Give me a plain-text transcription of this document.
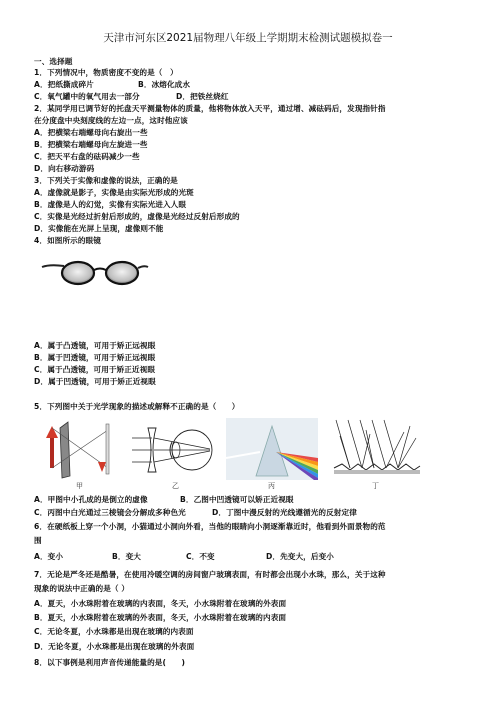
天津市河东区2021届物理八年级上学期期末检测试题模拟卷一
一、选择题
1．下列情况中，物质密度不变的是（　）
A．把纸撕成碎片	B．冰熔化成水
C．氧气罐中的氧气用去一部分	D．把铁丝烧红
2．某同学用已调节好的托盘天平测量物体的质量，他将物体放入天平，通过增、减砝码后，发现指针指
在分度盘中央刻度线的左边一点，这时他应该
A．把横梁右端螺母向右旋出一些
B．把横梁右端螺母向左旋进一些
C．把天平右盘的砝码减少一些
D．向右移动游码
3．下列关于实像和虚像的说法，正确的是
A．虚像就是影子，实像是由实际光形成的光斑
B．虚像是人的幻觉，实像有实际光进入人眼
C．实像是光经过折射后形成的，虚像是光经过反射后形成的
D．实像能在光屏上呈现，虚像则不能
4．如图所示的眼镜
A．属于凸透镜，可用于矫正远视眼
B．属于凹透镜，可用于矫正远视眼
C．属于凸透镜，可用于矫正近视眼
D．属于凹透镜，可用于矫正近视眼
5．下列图中关于光学现象的描述或解释不正确的是（　　）
甲	乙	丙	丁
A．甲图中小孔成的是倒立的虚像	B．乙图中凹透镜可以矫正近视眼
C．丙图中白光通过三棱镜会分解成多种色光	D．丁图中漫反射的光线遵循光的反射定律
6．在硬纸板上穿一个小洞，小猫通过小洞向外看，当他的眼睛向小洞逐渐靠近时，他看到外面景物的范
围
A．变小	B．变大	C．不变	D．先变大，后变小
7．无论是严冬还是酷暑，在使用冷暖空调的房间窗户玻璃表面，有时都会出现小水珠，那么，关于这种
现象的说法中正确的是（ ）
A．夏天，小水珠附着在玻璃的内表面，冬天，小水珠附着在玻璃的外表面
B．夏天，小水珠附着在玻璃的外表面，冬天，小水珠附着在玻璃的内表面
C．无论冬夏，小水珠都是出现在玻璃的内表面
D．无论冬夏，小水珠都是出现在玻璃的外表面
8．以下事例是利用声音传递能量的是(　　)
